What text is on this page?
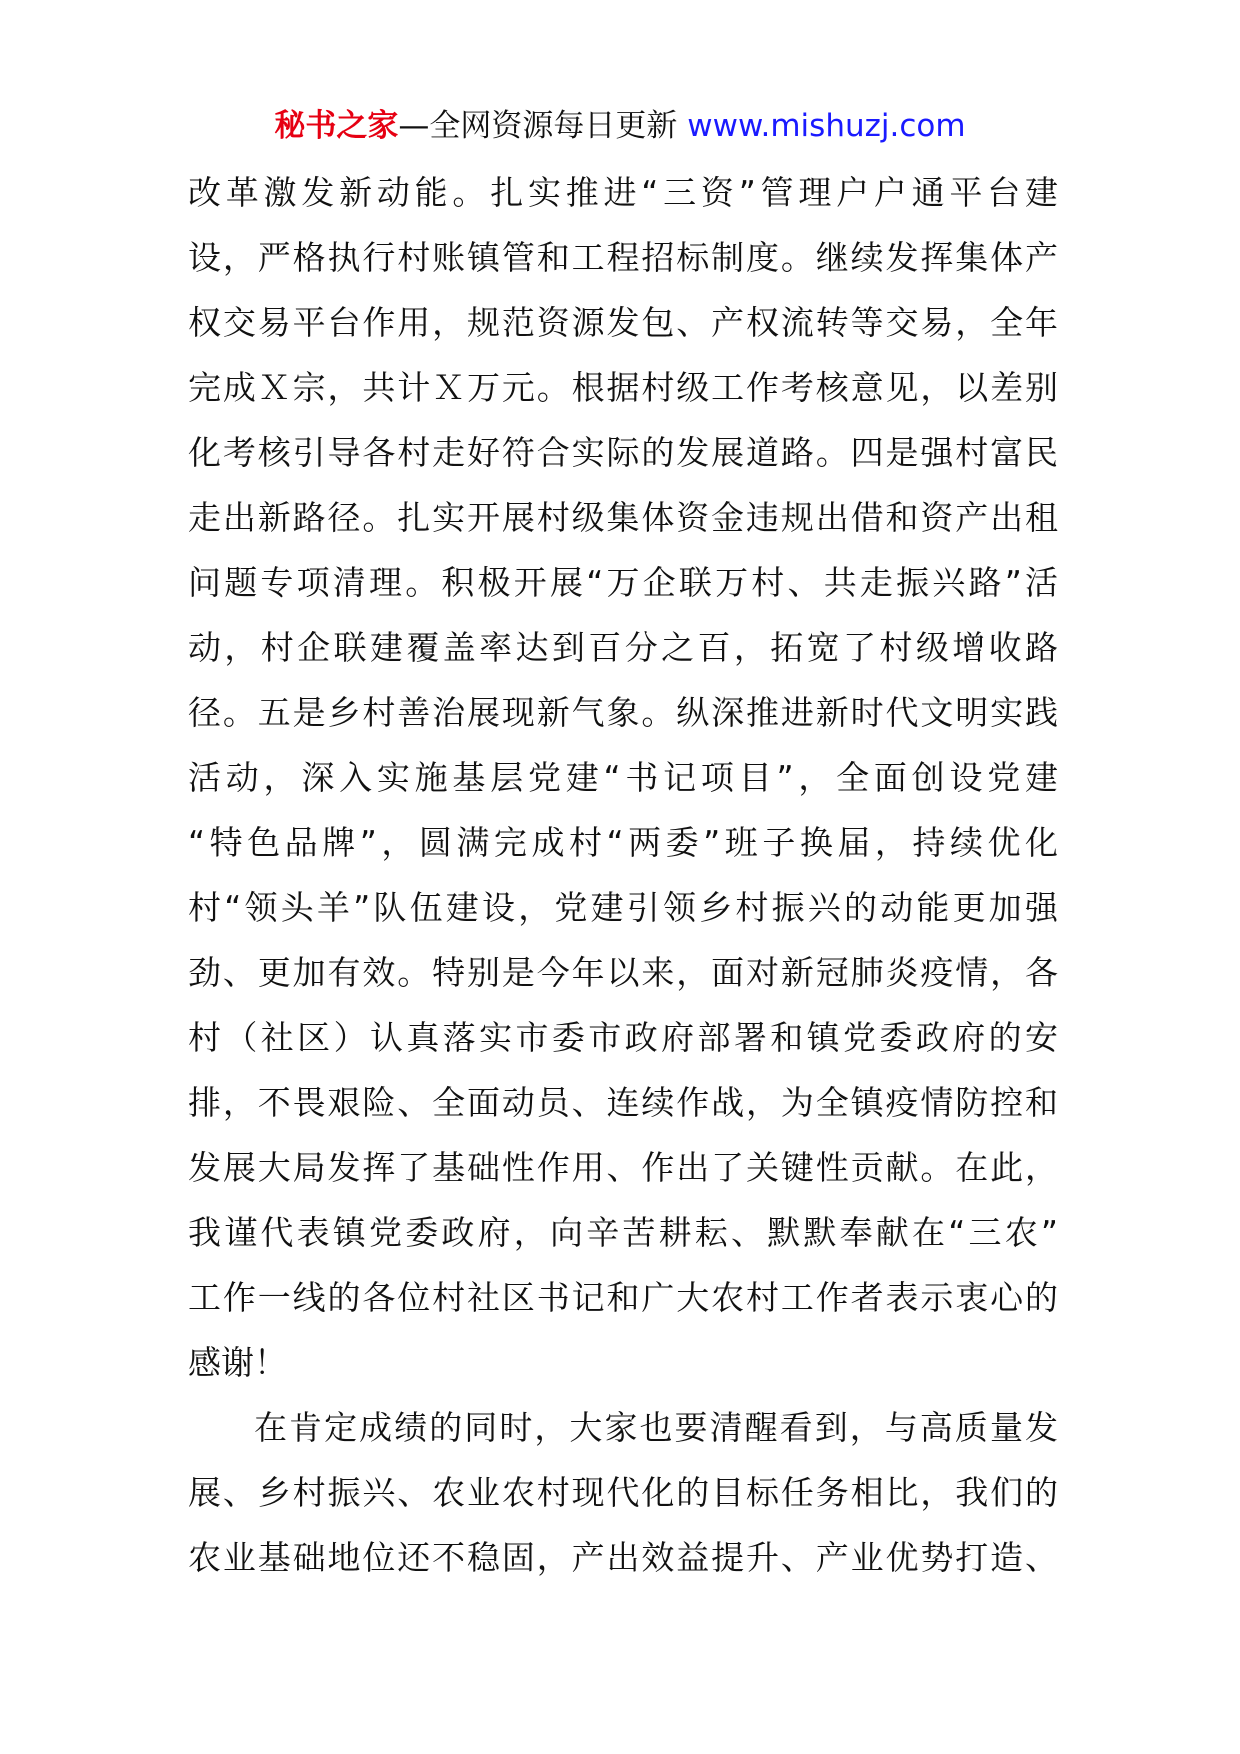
秘书之家—全网资源每日更新 www.mishuzj.com
改革激发新动能。扎实推进“三资”管理户户通平台建
设，严格执行村账镇管和工程招标制度。继续发挥集体产
权交易平台作用，规范资源发包、产权流转等交易，全年
完成Ｘ宗，共计Ｘ万元。根据村级工作考核意见，以差别
化考核引导各村走好符合实际的发展道路。四是强村富民
走出新路径。扎实开展村级集体资金违规出借和资产出租
问题专项清理。积极开展“万企联万村、共走振兴路”活
动，村企联建覆盖率达到百分之百，拓宽了村级增收路
径。五是乡村善治展现新气象。纵深推进新时代文明实践
活动，深入实施基层党建“书记项目”，全面创设党建
“特色品牌”，圆满完成村“两委”班子换届，持续优化
村“领头羊”队伍建设，党建引领乡村振兴的动能更加强
劲、更加有效。特别是今年以来，面对新冠肺炎疫情，各
村（社区）认真落实市委市政府部署和镇党委政府的安
排，不畏艰险、全面动员、连续作战，为全镇疫情防控和
发展大局发挥了基础性作用、作出了关键性贡献。在此，
我谨代表镇党委政府，向辛苦耕耘、默默奉献在“三农”
工作一线的各位村社区书记和广大农村工作者表示衷心的
感谢！
在肯定成绩的同时，大家也要清醒看到，与高质量发
展、乡村振兴、农业农村现代化的目标任务相比，我们的
农业基础地位还不稳固，产出效益提升、产业优势打造、
